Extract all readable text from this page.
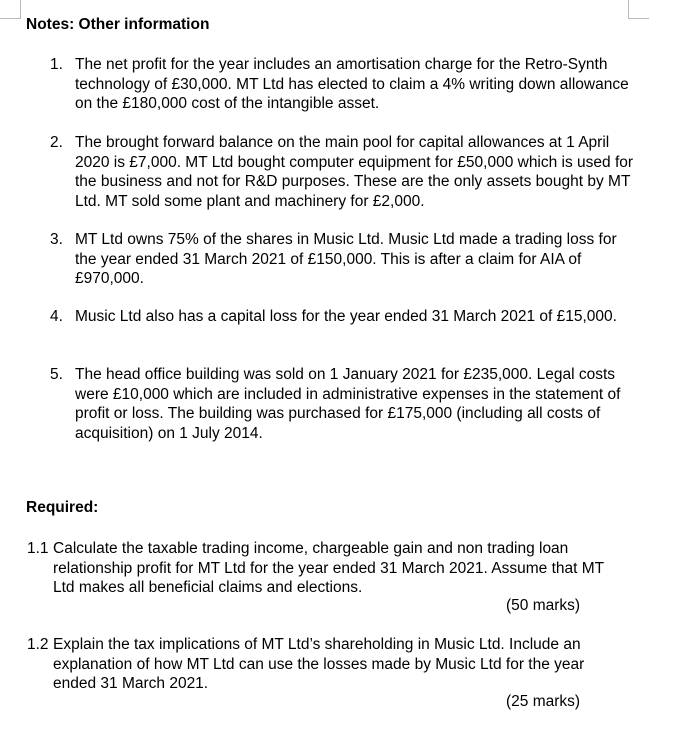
Notes: Other information
1. The net profit for the year includes an amortisation charge for the Retro-Synth technology of £30,000. MT Ltd has elected to claim a 4% writing down allowance on the £180,000 cost of the intangible asset.
2. The brought forward balance on the main pool for capital allowances at 1 April 2020 is £7,000. MT Ltd bought computer equipment for £50,000 which is used for the business and not for R&D purposes. These are the only assets bought by MT Ltd. MT sold some plant and machinery for £2,000.
3. MT Ltd owns 75% of the shares in Music Ltd. Music Ltd made a trading loss for the year ended 31 March 2021 of £150,000. This is after a claim for AIA of £970,000.
4. Music Ltd also has a capital loss for the year ended 31 March 2021 of £15,000.
5. The head office building was sold on 1 January 2021 for £235,000. Legal costs were £10,000 which are included in administrative expenses in the statement of profit or loss. The building was purchased for £175,000 (including all costs of acquisition) on 1 July 2014.
Required:
1.1 Calculate the taxable trading income, chargeable gain and non trading loan relationship profit for MT Ltd for the year ended 31 March 2021. Assume that MT Ltd makes all beneficial claims and elections.
(50 marks)
1.2 Explain the tax implications of MT Ltd’s shareholding in Music Ltd. Include an explanation of how MT Ltd can use the losses made by Music Ltd for the year ended 31 March 2021.
(25 marks)
